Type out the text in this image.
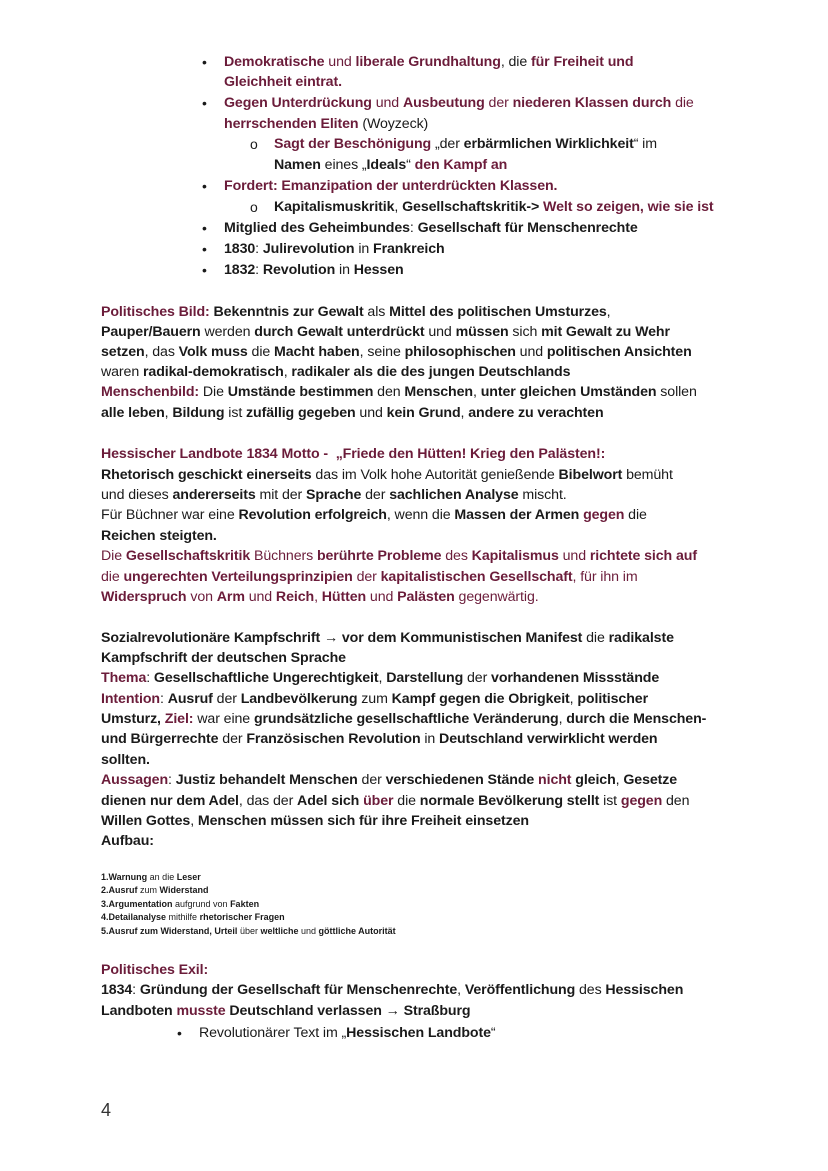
Demokratische und liberale Grundhaltung, die für Freiheit und
•
Gleichheit eintrat.
Gegen Unterdrückung und Ausbeutung der niederen Klassen durch die
•
herrschenden Eliten (Woyzeck)
Sagt der Beschönigung „der erbärmlichen Wirklichkeit“ im
o
Namen eines „Ideals“ den Kampf an
Fordert: Emanzipation der unterdrückten Klassen.
•
Kapitalismuskritik, Gesellschaftskritik-> Welt so zeigen, wie sie ist
o
Mitglied des Geheimbundes: Gesellschaft für Menschenrechte
•
1830: Julirevolution in Frankreich
•
1832: Revolution in Hessen
•
Politisches Bild: Bekenntnis zur Gewalt als Mittel des politischen Umsturzes,
Pauper/Bauern werden durch Gewalt unterdrückt und müssen sich mit Gewalt zu Wehr
setzen, das Volk muss die Macht haben, seine philosophischen und politischen Ansichten
waren radikal-demokratisch, radikaler als die des jungen Deutschlands
Menschenbild: Die Umstände bestimmen den Menschen, unter gleichen Umständen sollen
alle leben, Bildung ist zufällig gegeben und kein Grund, andere zu verachten
Hessischer Landbote 1834 Motto -  „Friede den Hütten! Krieg den Palästen!:
Rhetorisch geschickt einerseits das im Volk hohe Autorität genießende Bibelwort bemüht
und dieses andererseits mit der Sprache der sachlichen Analyse mischt.
Für Büchner war eine Revolution erfolgreich, wenn die Massen der Armen gegen die
Reichen steigten.
Die Gesellschaftskritik Büchners berührte Probleme des Kapitalismus und richtete sich auf
die ungerechten Verteilungsprinzipien der kapitalistischen Gesellschaft, für ihn im
Widerspruch von Arm und Reich, Hütten und Palästen gegenwärtig.
Sozialrevolutionäre Kampfschrift → vor dem Kommunistischen Manifest die radikalste
Kampfschrift der deutschen Sprache
Thema: Gesellschaftliche Ungerechtigkeit, Darstellung der vorhandenen Missstände
Intention: Ausruf der Landbevölkerung zum Kampf gegen die Obrigkeit, politischer
Umsturz, Ziel: war eine grundsätzliche gesellschaftliche Veränderung, durch die Menschen-
und Bürgerrechte der Französischen Revolution in Deutschland verwirklicht werden
sollten.
Aussagen: Justiz behandelt Menschen der verschiedenen Stände nicht gleich, Gesetze
dienen nur dem Adel, das der Adel sich über die normale Bevölkerung stellt ist gegen den
Willen Gottes, Menschen müssen sich für ihre Freiheit einsetzen
Aufbau:
1.Warnung an die Leser
2.Ausruf zum Widerstand
3.Argumentation aufgrund von Fakten
4.Detailanalyse mithilfe rhetorischer Fragen
5.Ausruf zum Widerstand, Urteil über weltliche und göttliche Autorität
Politisches Exil:
1834: Gründung der Gesellschaft für Menschenrechte, Veröffentlichung des Hessischen
Landboten musste Deutschland verlassen → Straßburg
Revolutionärer Text im „Hessischen Landbote“
•
4
